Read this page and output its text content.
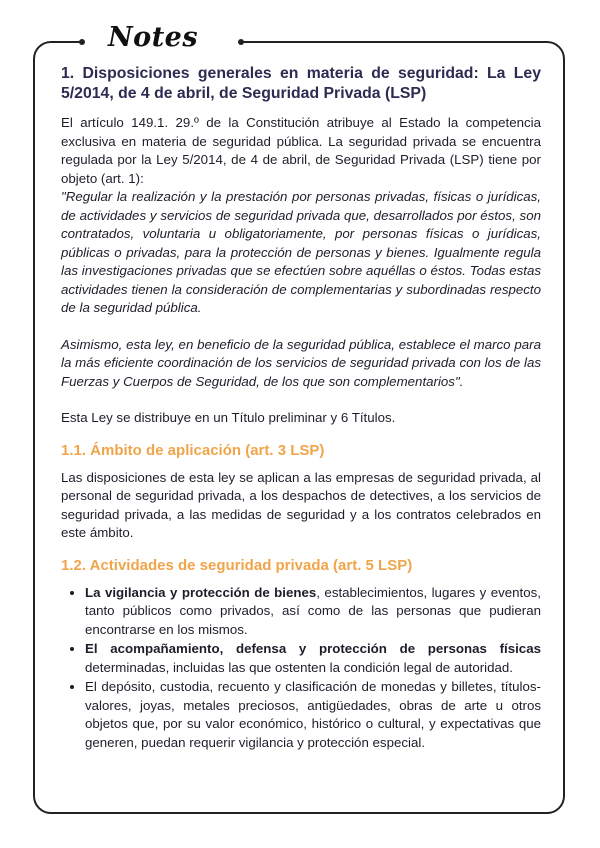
Notes
1. Disposiciones generales en materia de seguridad: La Ley 5/2014, de 4 de abril, de Seguridad Privada (LSP)

El artículo 149.1. 29.º de la Constitución atribuye al Estado la competencia exclusiva en materia de seguridad pública. La seguridad privada se encuentra regulada por la Ley 5/2014, de 4 de abril, de Seguridad Privada (LSP) tiene por objeto (art. 1):

"Regular la realización y la prestación por personas privadas, físicas o jurídicas, de actividades y servicios de seguridad privada que, desarrollados por éstos, son contratados, voluntaria u obligatoriamente, por personas físicas o jurídicas, públicas o privadas, para la protección de personas y bienes. Igualmente regula las investigaciones privadas que se efectúen sobre aquéllas o éstos. Todas estas actividades tienen la consideración de complementarias y subordinadas respecto de la seguridad pública.

Asimismo, esta ley, en beneficio de la seguridad pública, establece el marco para la más eficiente coordinación de los servicios de seguridad privada con los de las Fuerzas y Cuerpos de Seguridad, de los que son complementarios".

Esta Ley se distribuye en un Título preliminar y 6 Títulos.

1.1. Ámbito de aplicación (art. 3 LSP)

Las disposiciones de esta ley se aplican a las empresas de seguridad privada, al personal de seguridad privada, a los despachos de detectives, a los servicios de seguridad privada, a las medidas de seguridad y a los contratos celebrados en este ámbito.

1.2. Actividades de seguridad privada (art. 5 LSP)
• La vigilancia y protección de bienes, establecimientos, lugares y eventos, tanto públicos como privados, así como de las personas que pudieran encontrarse en los mismos.
• El acompañamiento, defensa y protección de personas físicas determinadas, incluidas las que ostenten la condición legal de autoridad.
• El depósito, custodia, recuento y clasificación de monedas y billetes, títulos-valores, joyas, metales preciosos, antigüedades, obras de arte u otros objetos que, por su valor económico, histórico o cultural, y expectativas que generen, puedan requerir vigilancia y protección especial.
